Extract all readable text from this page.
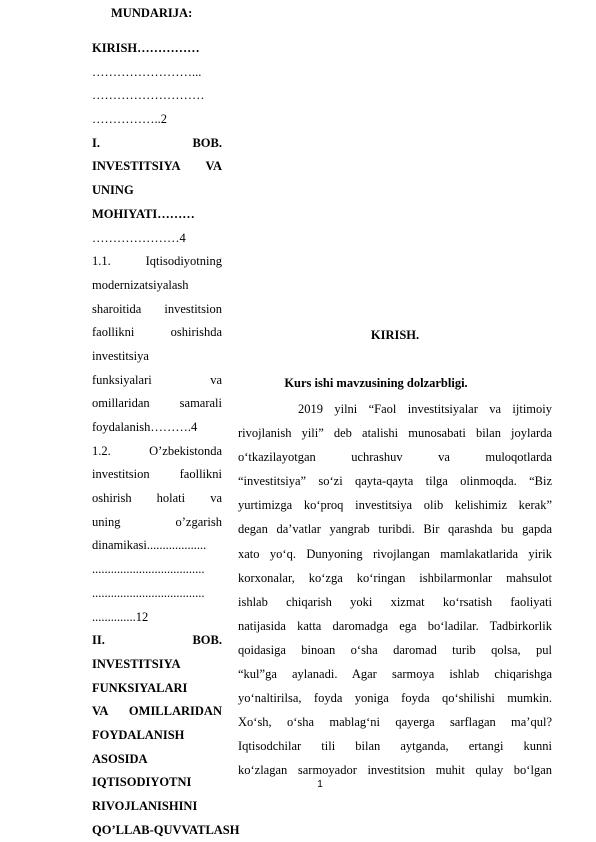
MUNDARIJA:
KIRISH……………
……………………...
………………………
……………..2
I. BOB.
INVESTITSIYA VA
UNING
MOHIYATI………
…………………4
1.1. Iqtisodiyotning
modernizatsiyalash
sharoitida investitsion
faollikni oshirishda
investitsiya
funksiyalari va
omillaridan samarali
foydalanish……….4
1.2. O’zbekistonda
investitsion faollikni
oshirish holati va
uning o’zgarish
dinamikasi...................
....................................
....................................
..............12
II. BOB.
INVESTITSIYA
FUNKSIYALARI
VA OMILLARIDAN
FOYDALANISH
ASOSIDA
IQTISODIYOTNI
RIVOJLANISHINI
QO’LLAB-QUVVATLASH
KIRISH.
Kurs ishi mavzusining dolzarbligi.
2019 yilni “Faol investitsiyalar va ijtimoiy
rivojlanish yili” deb atalishi munosabati bilan joylarda
o‘tkazilayotgan uchrashuv va muloqotlarda
“investitsiya” so‘zi qayta-qayta tilga olinmoqda. “Biz
yurtimizga ko‘proq investitsiya olib kelishimiz kerak”
degan da’vatlar yangrab turibdi. Bir qarashda bu gapda
xato yo‘q. Dunyoning rivojlangan mamlakatlarida yirik
korxonalar, ko‘zga ko‘ringan ishbilarmonlar mahsulot
ishlab chiqarish yoki xizmat ko‘rsatish faoliyati
natijasida katta daromadga ega bo‘ladilar. Tadbirkorlik
qoidasiga binoan o‘sha daromad turib qolsa, pul
“kul”ga aylanadi. Agar sarmoya ishlab chiqarishga
yo‘naltirilsa, foyda yoniga foyda qo‘shilishi mumkin.
Xo‘sh, o‘sha mablag‘ni qayerga sarflagan ma’qul?
Iqtisodchilar tili bilan aytganda, ertangi kunni
ko‘zlagan sarmoyador investitsion muhit qulay bo‘lgan
1
